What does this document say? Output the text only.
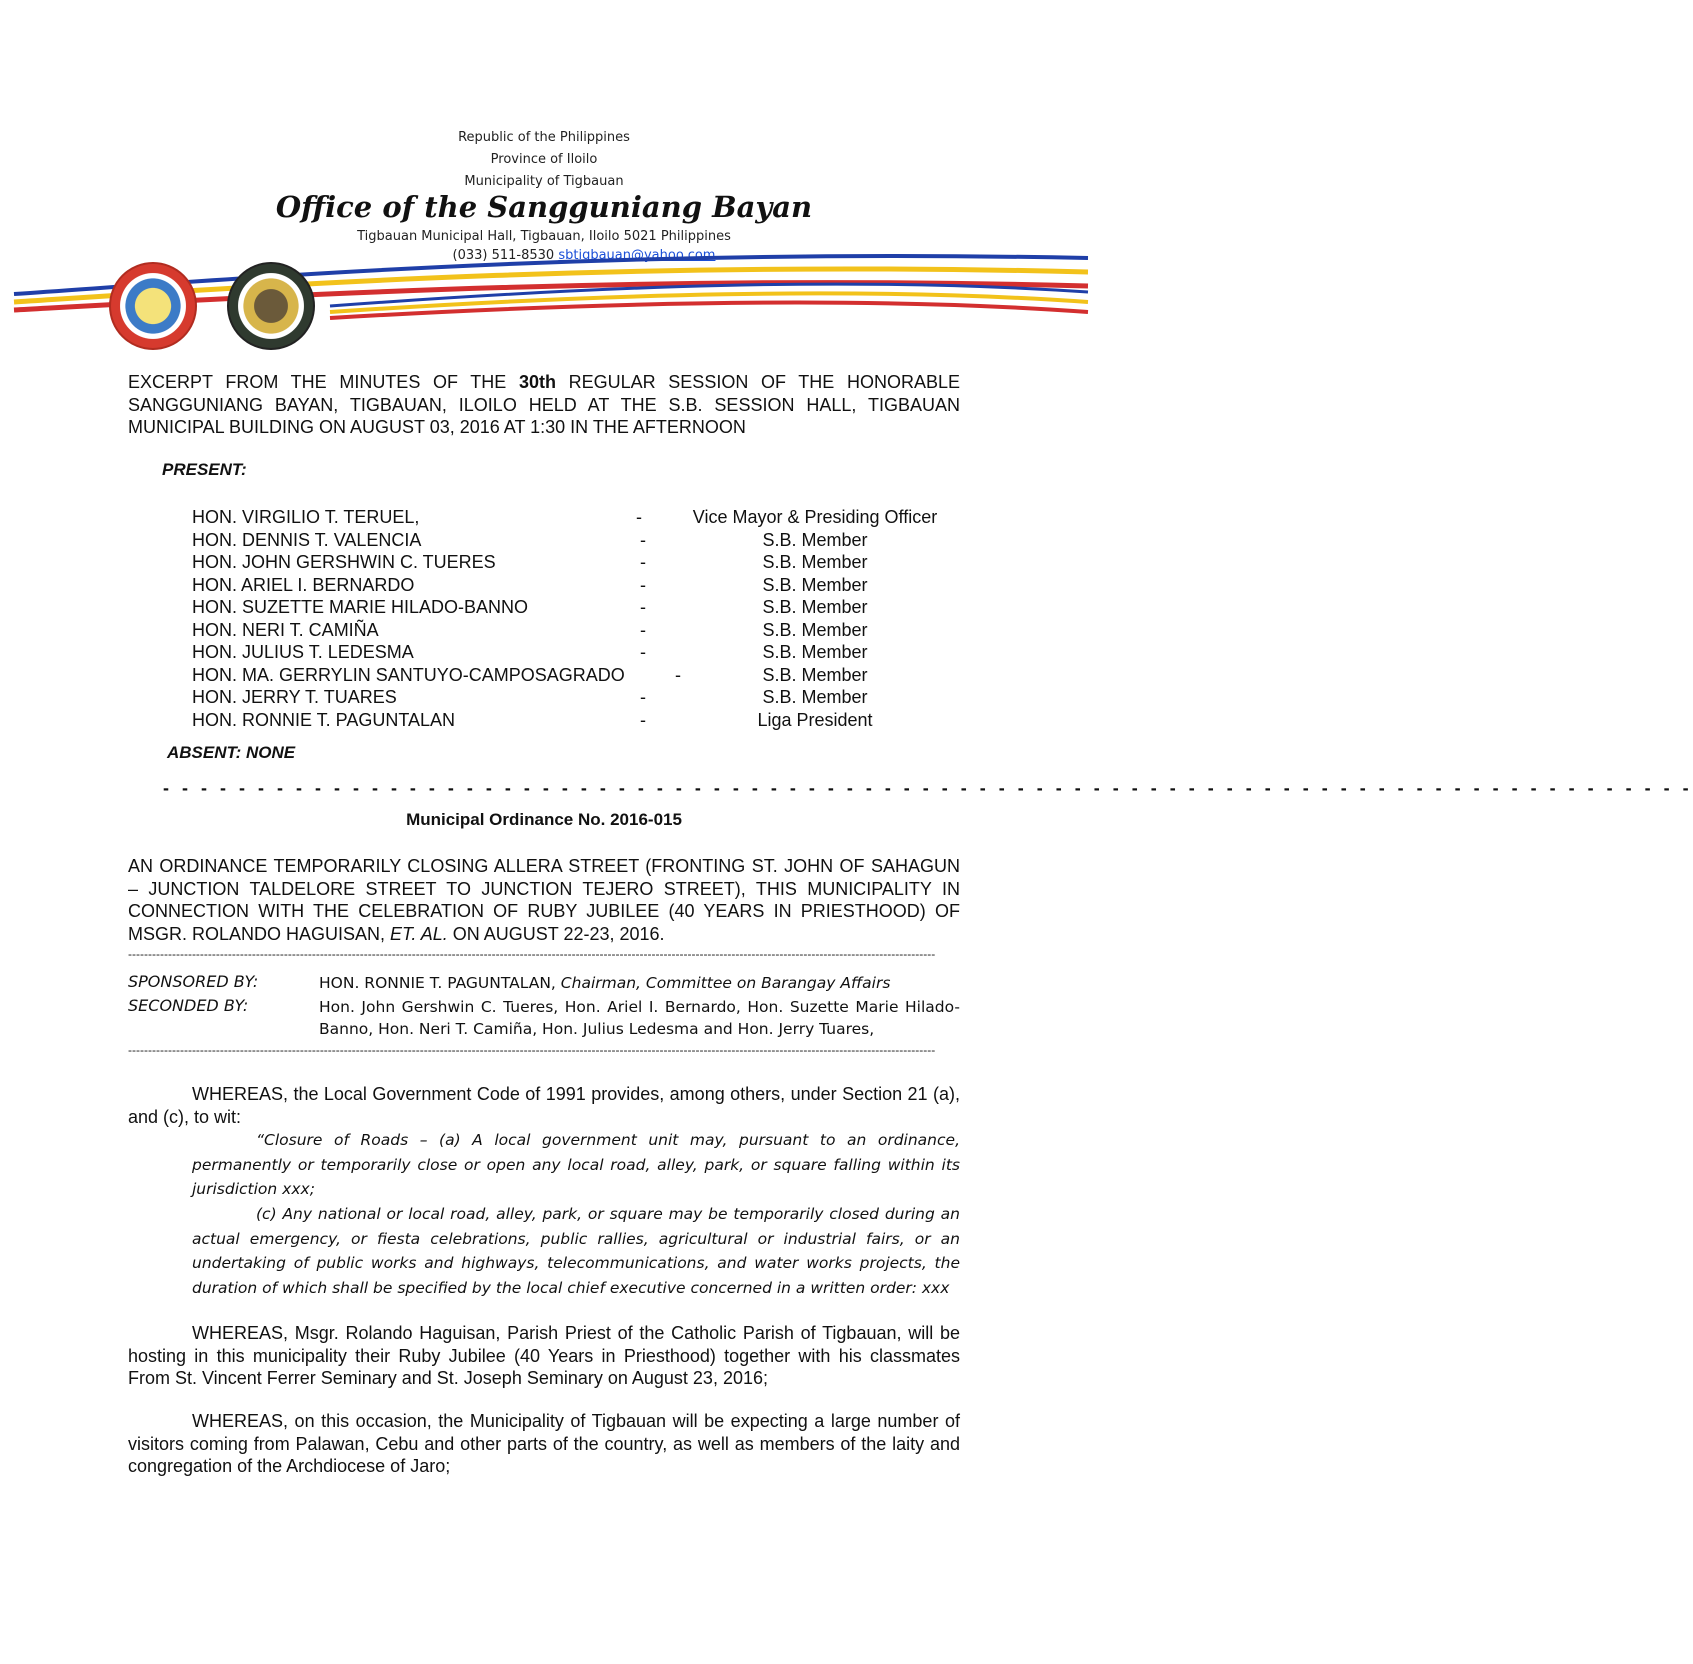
Republic of the Philippines
Province of Iloilo
Municipality of Tigbauan
Office of the Sangguniang Bayan
Tigbauan Municipal Hall, Tigbauan, Iloilo 5021 Philippines
(033) 511-8530 sbtigbauan@yahoo.com
EXCERPT FROM THE MINUTES OF THE 30th REGULAR SESSION OF THE HONORABLE SANGGUNIANG BAYAN, TIGBAUAN, ILOILO HELD AT THE S.B. SESSION HALL, TIGBAUAN MUNICIPAL BUILDING ON AUGUST 03, 2016 AT 1:30 IN THE AFTERNOON
PRESENT:
HON. VIRGILIO T. TERUEL,	-	Vice Mayor & Presiding Officer
HON. DENNIS T. VALENCIA	-	S.B. Member
HON. JOHN GERSHWIN C. TUERES	-	S.B. Member
HON. ARIEL I. BERNARDO	-	S.B. Member
HON. SUZETTE MARIE HILADO-BANNO	-	S.B. Member
HON. NERI T. CAMIÑA	-	S.B. Member
HON. JULIUS T. LEDESMA	-	S.B. Member
HON. MA. GERRYLIN SANTUYO-CAMPOSAGRADO	-	S.B. Member
HON. JERRY T. TUARES	-	S.B. Member
HON. RONNIE T. PAGUNTALAN	-	Liga President
ABSENT: NONE
- - - - - - - - - - - - - - - - - - - - - - - - - - - - - - - - - - - - - - - - - - - - - - - - - - - - - - - - - - - - - - - - - - - - - - - - - - - - - - - - -
Municipal Ordinance No. 2016-015
AN ORDINANCE TEMPORARILY CLOSING ALLERA STREET (FRONTING ST. JOHN OF SAHAGUN – JUNCTION TALDELORE STREET TO JUNCTION TEJERO STREET), THIS MUNICIPALITY IN CONNECTION WITH THE CELEBRATION OF RUBY JUBILEE (40 YEARS IN PRIESTHOOD) OF MSGR. ROLANDO HAGUISAN, ET. AL. ON AUGUST 22-23, 2016.
----------------------------------------------------------------------------------------------------------------------------------------------------------------------------------------------------------
SPONSORED BY:	HON. RONNIE T. PAGUNTALAN, Chairman, Committee on Barangay Affairs
SECONDED BY:	Hon. John Gershwin C. Tueres, Hon. Ariel I. Bernardo, Hon. Suzette Marie Hilado-Banno, Hon. Neri T. Camiña, Hon. Julius Ledesma and Hon. Jerry Tuares,
----------------------------------------------------------------------------------------------------------------------------------------------------------------------------------------------------------
WHEREAS, the Local Government Code of 1991 provides, among others, under Section 21 (a), and (c), to wit:
“Closure of Roads – (a) A local government unit may, pursuant to an ordinance, permanently or temporarily close or open any local road, alley, park, or square falling within its jurisdiction xxx;
(c) Any national or local road, alley, park, or square may be temporarily closed during an actual emergency, or fiesta celebrations, public rallies, agricultural or industrial fairs, or an undertaking of public works and highways, telecommunications, and water works projects, the duration of which shall be specified by the local chief executive concerned in a written order: xxx
WHEREAS, Msgr. Rolando Haguisan, Parish Priest of the Catholic Parish of Tigbauan, will be hosting in this municipality their Ruby Jubilee (40 Years in Priesthood) together with his classmates From St. Vincent Ferrer Seminary and St. Joseph Seminary on August 23, 2016;
WHEREAS, on this occasion, the Municipality of Tigbauan will be expecting a large number of visitors coming from Palawan, Cebu and other parts of the country, as well as members of the laity and congregation of the Archdiocese of Jaro;
